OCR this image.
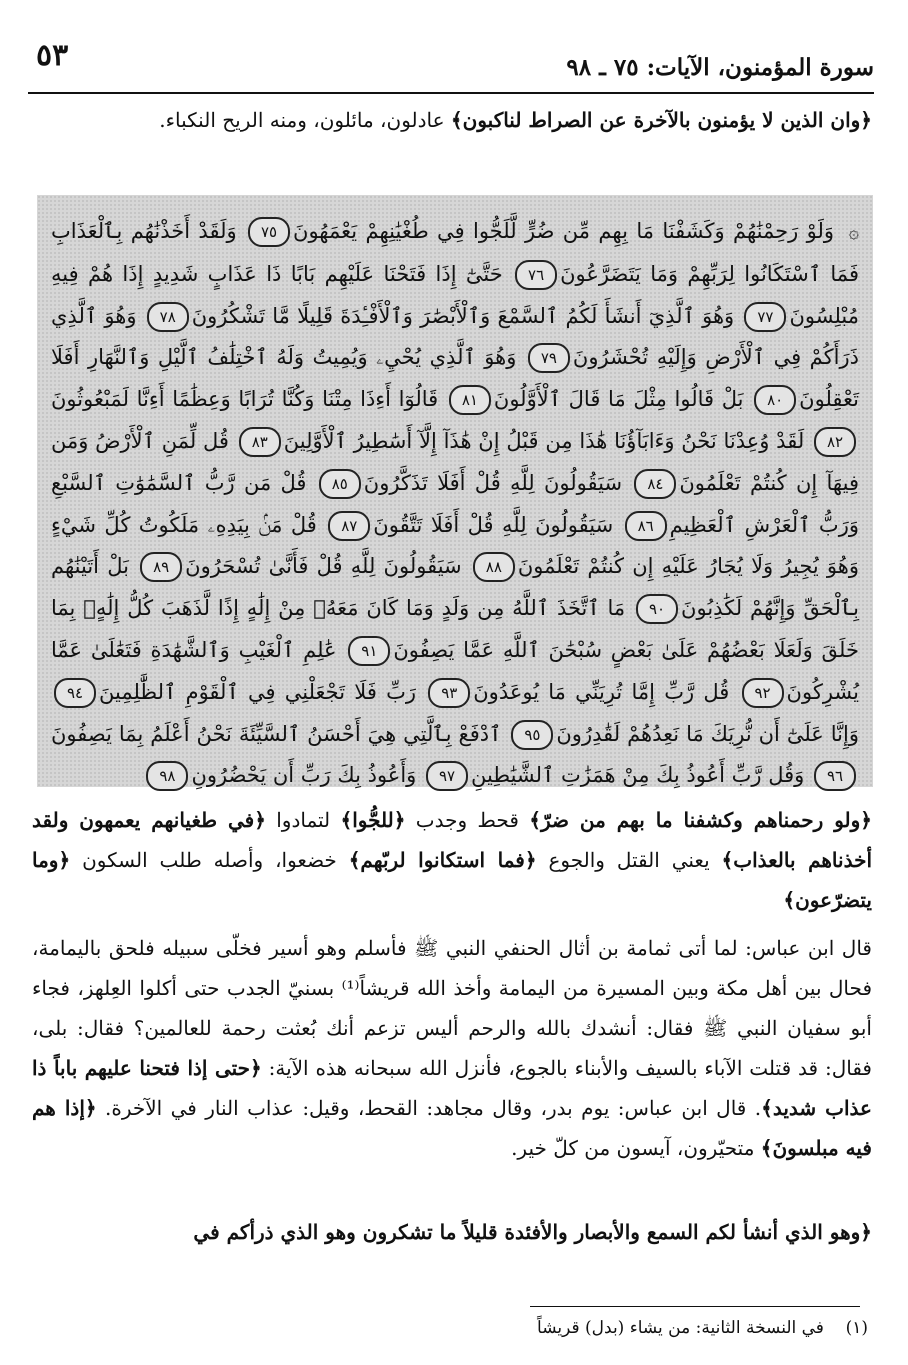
٥٣	سورة المؤمنون، الآيات: ٧٥ ـ ٩٨
﴿وان الذين لا يؤمنون بالآخرة عن الصراط لناكبون﴾ عادلون، مائلون، ومنه الريح النكباء.
۞ وَلَوْ رَحِمْنَٰهُمْ وَكَشَفْنَا مَا بِهِم مِّن ضُرٍّ لَّلَجُّوا فِي طُغْيَٰنِهِمْ يَعْمَهُونَ٧٥ وَلَقَدْ أَخَذْنَٰهُم بِٱلْعَذَابِ فَمَا ٱسْتَكَانُوا لِرَبِّهِمْ وَمَا يَتَضَرَّعُونَ٧٦ حَتَّىٰٓ إِذَا فَتَحْنَا عَلَيْهِم بَابًا ذَا عَذَابٍ شَدِيدٍ إِذَا هُمْ فِيهِ مُبْلِسُونَ٧٧ وَهُوَ ٱلَّذِيٓ أَنشَأَ لَكُمُ ٱلسَّمْعَ وَٱلْأَبْصَٰرَ وَٱلْأَفْـِٔدَةَ قَلِيلًا مَّا تَشْكُرُونَ٧٨ وَهُوَ ٱلَّذِي ذَرَأَكُمْ فِي ٱلْأَرْضِ وَإِلَيْهِ تُحْشَرُونَ٧٩ وَهُوَ ٱلَّذِي يُحْيِۦ وَيُمِيتُ وَلَهُ ٱخْتِلَٰفُ ٱلَّيْلِ وَٱلنَّهَارِ أَفَلَا تَعْقِلُونَ٨٠ بَلْ قَالُوا مِثْلَ مَا قَالَ ٱلْأَوَّلُونَ٨١ قَالُوٓا أَءِذَا مِتْنَا وَكُنَّا تُرَابًا وَعِظَٰمًا أَءِنَّا لَمَبْعُوثُونَ٨٢ لَقَدْ وُعِدْنَا نَحْنُ وَءَابَآؤُنَا هَٰذَا مِن قَبْلُ إِنْ هَٰذَآ إِلَّآ أَسَٰطِيرُ ٱلْأَوَّلِينَ٨٣ قُل لِّمَنِ ٱلْأَرْضُ وَمَن فِيهَآ إِن كُنتُمْ تَعْلَمُونَ٨٤ سَيَقُولُونَ لِلَّهِ قُلْ أَفَلَا تَذَكَّرُونَ٨٥ قُلْ مَن رَّبُّ ٱلسَّمَٰوَٰتِ ٱلسَّبْعِ وَرَبُّ ٱلْعَرْشِ ٱلْعَظِيمِ٨٦ سَيَقُولُونَ لِلَّهِ قُلْ أَفَلَا تَتَّقُونَ٨٧ قُلْ مَنۢ بِيَدِهِۦ مَلَكُوتُ كُلِّ شَيْءٍ وَهُوَ يُجِيرُ وَلَا يُجَارُ عَلَيْهِ إِن كُنتُمْ تَعْلَمُونَ٨٨ سَيَقُولُونَ لِلَّهِ قُلْ فَأَنَّىٰ تُسْحَرُونَ٨٩ بَلْ أَتَيْنَٰهُم بِٱلْحَقِّ وَإِنَّهُمْ لَكَٰذِبُونَ٩٠ مَا ٱتَّخَذَ ٱللَّهُ مِن وَلَدٍ وَمَا كَانَ مَعَهُۥ مِنْ إِلَٰهٍ إِذًا لَّذَهَبَ كُلُّ إِلَٰهٍۭ بِمَا خَلَقَ وَلَعَلَا بَعْضُهُمْ عَلَىٰ بَعْضٍ سُبْحَٰنَ ٱللَّهِ عَمَّا يَصِفُونَ٩١ عَٰلِمِ ٱلْغَيْبِ وَٱلشَّهَٰدَةِ فَتَعَٰلَىٰ عَمَّا يُشْرِكُونَ٩٢ قُل رَّبِّ إِمَّا تُرِيَنِّي مَا يُوعَدُونَ٩٣ رَبِّ فَلَا تَجْعَلْنِي فِي ٱلْقَوْمِ ٱلظَّٰلِمِينَ٩٤ وَإِنَّا عَلَىٰٓ أَن نُّرِيَكَ مَا نَعِدُهُمْ لَقَٰدِرُونَ٩٥ ٱدْفَعْ بِٱلَّتِي هِيَ أَحْسَنُ ٱلسَّيِّئَةَ نَحْنُ أَعْلَمُ بِمَا يَصِفُونَ٩٦ وَقُل رَّبِّ أَعُوذُ بِكَ مِنْ هَمَزَٰتِ ٱلشَّيَٰطِينِ٩٧ وَأَعُوذُ بِكَ رَبِّ أَن يَحْضُرُونِ٩٨
﴿ولو رحمناهم وكشفنا ما بهم من ضرّ﴾ قحط وجدب ﴿للجُّوا﴾ لتمادوا ﴿في طغيانهم يعمهون ولقد أخذناهم بالعذاب﴾ يعني القتل والجوع ﴿فما استكانوا لربّهم﴾ خضعوا، وأصله طلب السكون ﴿وما يتضرّعون﴾
قال ابن عباس: لما أتى ثمامة بن أثال الحنفي النبي ﷺ فأسلم وهو أسير فخلّى سبيله فلحق باليمامة، فحال بين أهل مكة وبين المسيرة من اليمامة وأخذ الله قريشاً⁽¹⁾ بسنيّ الجدب حتى أكلوا العِلهز، فجاء أبو سفيان النبي ﷺ فقال: أنشدك بالله والرحم أليس تزعم أنك بُعثت رحمة للعالمين؟ فقال: بلى، فقال: قد قتلت الآباء بالسيف والأبناء بالجوع، فأنزل الله سبحانه هذه الآية: ﴿حتى إذا فتحنا عليهم باباً ذا عذاب شديد﴾. قال ابن عباس: يوم بدر، وقال مجاهد: القحط، وقيل: عذاب النار في الآخرة. ﴿إذا هم فيه مبلسونَ﴾ متحيّرون، آيسون من كلّ خير.
﴿وهو الذي أنشأ لكم السمع والأبصار والأفئدة قليلاً ما تشكرون وهو الذي ذرأكم في
(١)    في النسخة الثانية: من يشاء (بدل) قريشاً
